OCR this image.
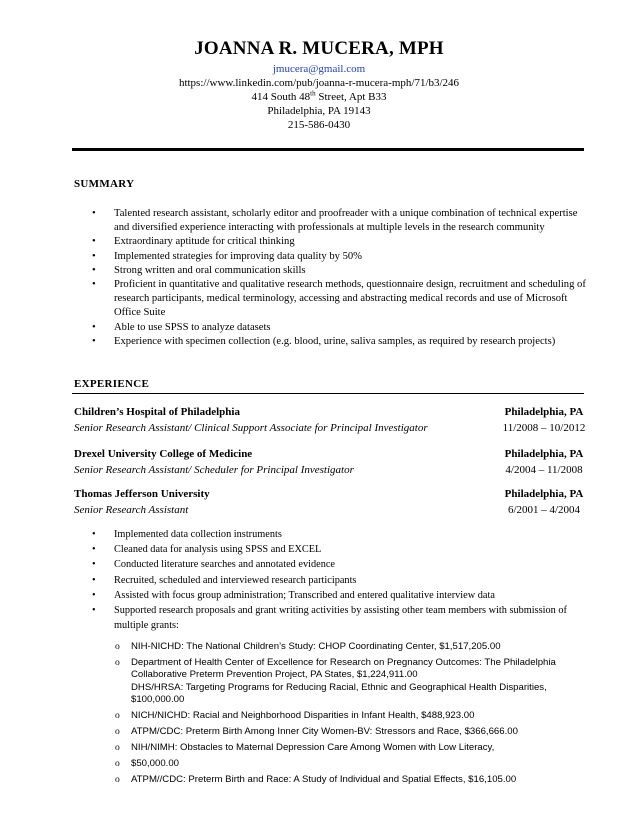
JOANNA R. MUCERA, MPH
jmucera@gmail.com
https://www.linkedin.com/pub/joanna-r-mucera-mph/71/b3/246
414 South 48th Street, Apt B33
Philadelphia, PA 19143
215-586-0430
SUMMARY
• Talented research assistant, scholarly editor and proofreader with a unique combination of technical expertise and diversified experience interacting with professionals at multiple levels in the research community
• Extraordinary aptitude for critical thinking
• Implemented strategies for improving data quality by 50%
• Strong written and oral communication skills
• Proficient in quantitative and qualitative research methods, questionnaire design, recruitment and scheduling of research participants, medical terminology, accessing and abstracting medical records and use of Microsoft Office Suite
• Able to use SPSS to analyze datasets
• Experience with specimen collection (e.g. blood, urine, saliva samples, as required by research projects)
EXPERIENCE
Children’s Hospital of Philadelphia	Philadelphia, PA
Senior Research Assistant/ Clinical Support Associate for Principal Investigator	11/2008 – 10/2012
Drexel University College of Medicine	Philadelphia, PA
Senior Research Assistant/ Scheduler for Principal Investigator	4/2004 – 11/2008
Thomas Jefferson University	Philadelphia, PA
Senior Research Assistant	6/2001 – 4/2004
• Implemented data collection instruments
• Cleaned data for analysis using SPSS and EXCEL
• Conducted literature searches and annotated evidence
• Recruited, scheduled and interviewed research participants
• Assisted with focus group administration; Transcribed and entered qualitative interview data
• Supported research proposals and grant writing activities by assisting other team members with submission of multiple grants:
o NIH-NICHD: The National Children’s Study: CHOP Coordinating Center, $1,517,205.00
o Department of Health Center of Excellence for Research on Pregnancy Outcomes: The Philadelphia Collaborative Preterm Prevention Project, PA States, $1,224,911.00
DHS/HRSA: Targeting Programs for Reducing Racial, Ethnic and Geographical Health Disparities, $100,000.00
o NICH/NICHD: Racial and Neighborhood Disparities in Infant Health, $488,923.00
o ATPM/CDC: Preterm Birth Among Inner City Women-BV: Stressors and Race, $366,666.00
o NIH/NIMH: Obstacles to Maternal Depression Care Among Women with Low Literacy,
o $50,000.00
o ATPM//CDC: Preterm Birth and Race: A Study of Individual and Spatial Effects, $16,105.00
